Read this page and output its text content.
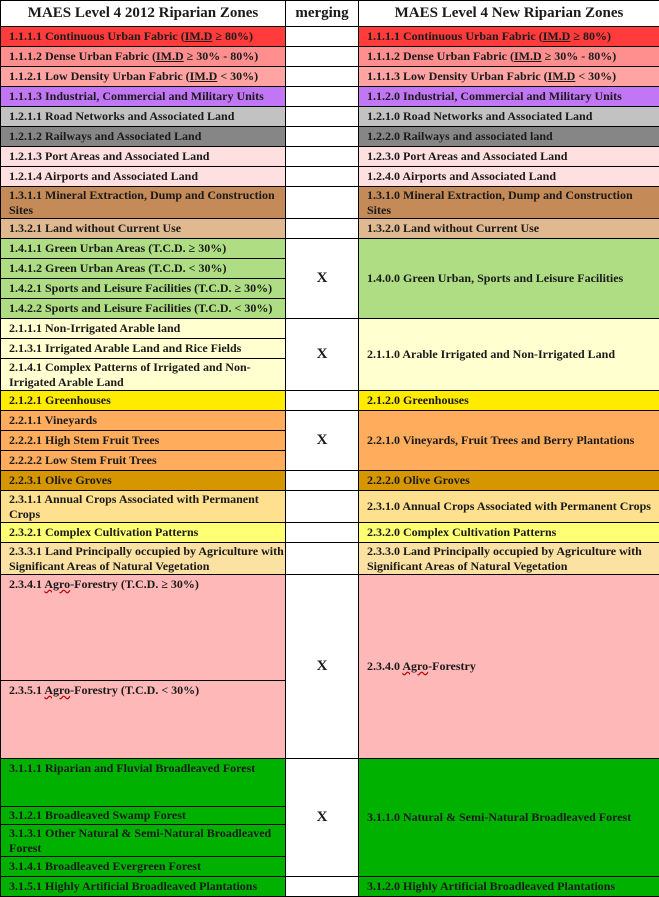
MAES Level 4 2012 Riparian Zones	merging	MAES Level 4 New Riparian Zones
1.1.1.1 Continuous Urban Fabric (IM.D ≥ 80%)		1.1.1.1 Continuous Urban Fabric (IM.D ≥ 80%)
1.1.1.2 Dense Urban Fabric (IM.D ≥ 30% - 80%)		1.1.1.2 Dense Urban Fabric (IM.D ≥ 30% - 80%)
1.1.2.1 Low Density Urban Fabric (IM.D < 30%)		1.1.1.3 Low Density Urban Fabric (IM.D < 30%)
1.1.1.3 Industrial, Commercial and Military Units		1.1.2.0 Industrial, Commercial and Military Units
1.2.1.1 Road Networks and Associated Land		1.2.1.0 Road Networks and Associated Land
1.2.1.2 Railways and Associated Land		1.2.2.0 Railways and associated land
1.2.1.3 Port Areas and Associated Land		1.2.3.0 Port Areas and Associated Land
1.2.1.4 Airports and Associated Land		1.2.4.0 Airports and Associated Land
1.3.1.1 Mineral Extraction, Dump and Construction Sites		1.3.1.0 Mineral Extraction, Dump and Construction Sites
1.3.2.1 Land without Current Use		1.3.2.0 Land without Current Use
1.4.1.1 Green Urban Areas (T.C.D. ≥ 30%)	X	1.4.0.0 Green Urban, Sports and Leisure Facilities
1.4.1.2 Green Urban Areas (T.C.D. < 30%)		
1.4.2.1 Sports and Leisure Facilities (T.C.D. ≥ 30%)		
1.4.2.2 Sports and Leisure Facilities (T.C.D. < 30%)		
2.1.1.1 Non-Irrigated Arable land	X	2.1.1.0 Arable Irrigated and Non-Irrigated Land
2.1.3.1 Irrigated Arable Land and Rice Fields		
2.1.4.1 Complex Patterns of Irrigated and Non-Irrigated Arable Land		
2.1.2.1 Greenhouses		2.1.2.0 Greenhouses
2.2.1.1 Vineyards	X	2.2.1.0 Vineyards, Fruit Trees and Berry Plantations
2.2.2.1 High Stem Fruit Trees		
2.2.2.2 Low Stem Fruit Trees		
2.2.3.1 Olive Groves		2.2.2.0 Olive Groves
2.3.1.1 Annual Crops Associated with Permanent Crops		2.3.1.0 Annual Crops Associated with Permanent Crops
2.3.2.1 Complex Cultivation Patterns		2.3.2.0 Complex Cultivation Patterns
2.3.3.1 Land Principally occupied by Agriculture with Significant Areas of Natural Vegetation		2.3.3.0 Land Principally occupied by Agriculture with Significant Areas of Natural Vegetation
2.3.4.1 Agro-Forestry (T.C.D. ≥ 30%)	X	2.3.4.0 Agro-Forestry
2.3.5.1 Agro-Forestry (T.C.D. < 30%)		
3.1.1.1 Riparian and Fluvial Broadleaved Forest	X	3.1.1.0 Natural & Semi-Natural Broadleaved Forest
3.1.2.1 Broadleaved Swamp Forest		
3.1.3.1 Other Natural & Semi-Natural Broadleaved Forest		
3.1.4.1 Broadleaved Evergreen Forest		
3.1.5.1 Highly Artificial Broadleaved Plantations		3.1.2.0 Highly Artificial Broadleaved Plantations
